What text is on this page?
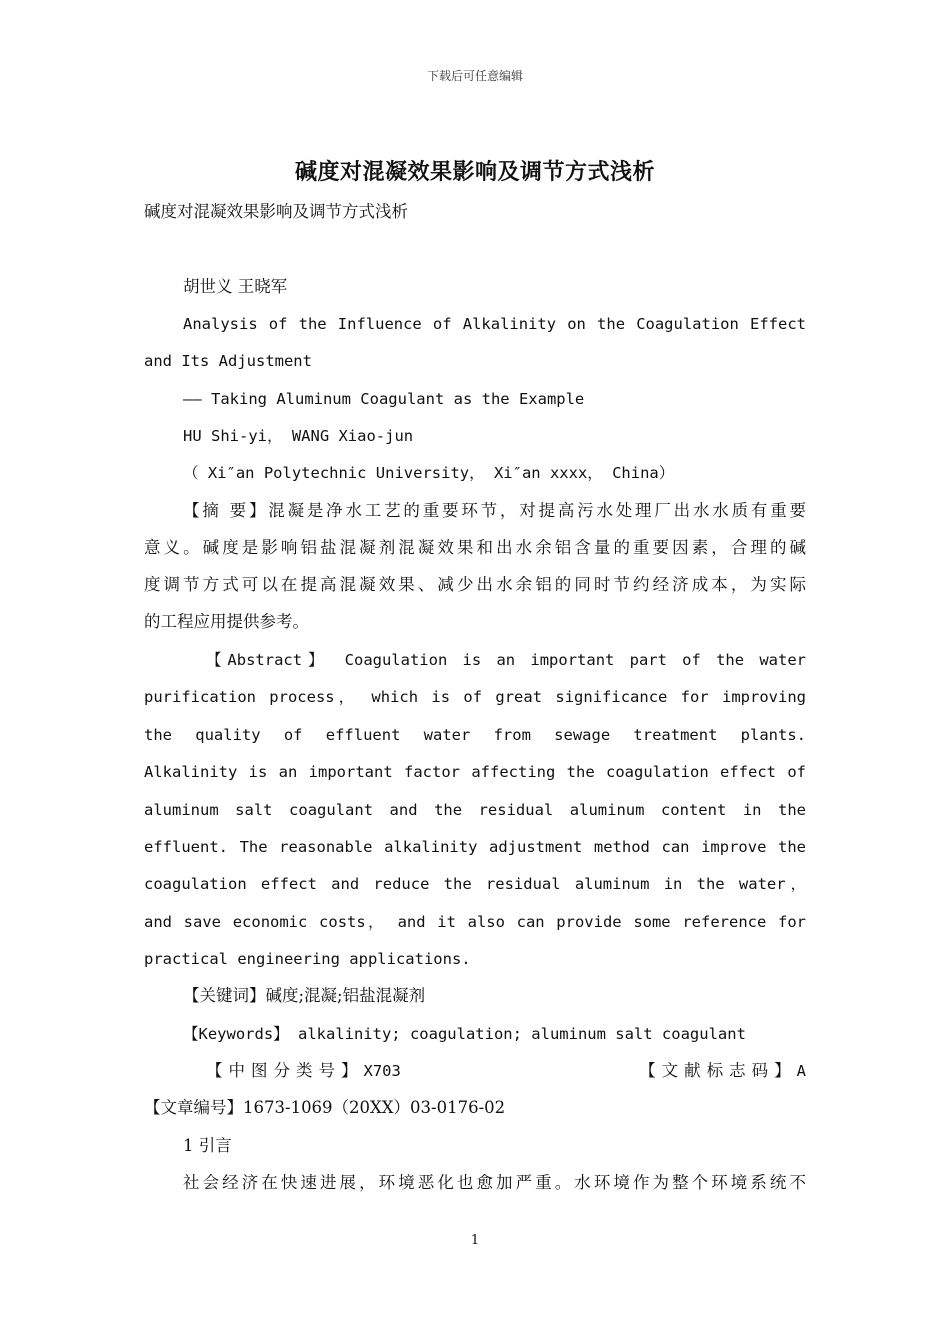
下载后可任意编辑
碱度对混凝效果影响及调节方式浅析
碱度对混凝效果影响及调节方式浅析
胡世义 王晓军
Analysis of the Influence of Alkalinity on the Coagulation Effect
and Its Adjustment
—— Taking Aluminum Coagulant as the Example
HU Shi-yi， WANG Xiao-jun
（ Xi″an Polytechnic University， Xi″an xxxx， China）
【摘 要】混凝是净水工艺的重要环节，对提高污水处理厂出水水质有重要
意义。碱度是影响铝盐混凝剂混凝效果和出水余铝含量的重要因素，合理的碱
度调节方式可以在提高混凝效果、减少出水余铝的同时节约经济成本，为实际
的工程应用提供参考。
【Abstract】 Coagulation is an important part of the water
purification process， which is of great significance for improving
the quality of effluent water from sewage treatment plants.
Alkalinity is an important factor affecting the coagulation effect of
aluminum salt coagulant and the residual aluminum content in the
effluent. The reasonable alkalinity adjustment method can improve the
coagulation effect and reduce the residual aluminum in the water，
and save economic costs， and it also can provide some reference for
practical engineering applications.
【关键词】碱度;混凝;铝盐混凝剂
【Keywords】 alkalinity; coagulation; aluminum salt coagulant
【中图分类号】X703	【文献标志码】A
【文章编号】1673-1069（20XX）03-0176-02
1 引言
社会经济在快速进展，环境恶化也愈加严重。水环境作为整个环境系统不
1
